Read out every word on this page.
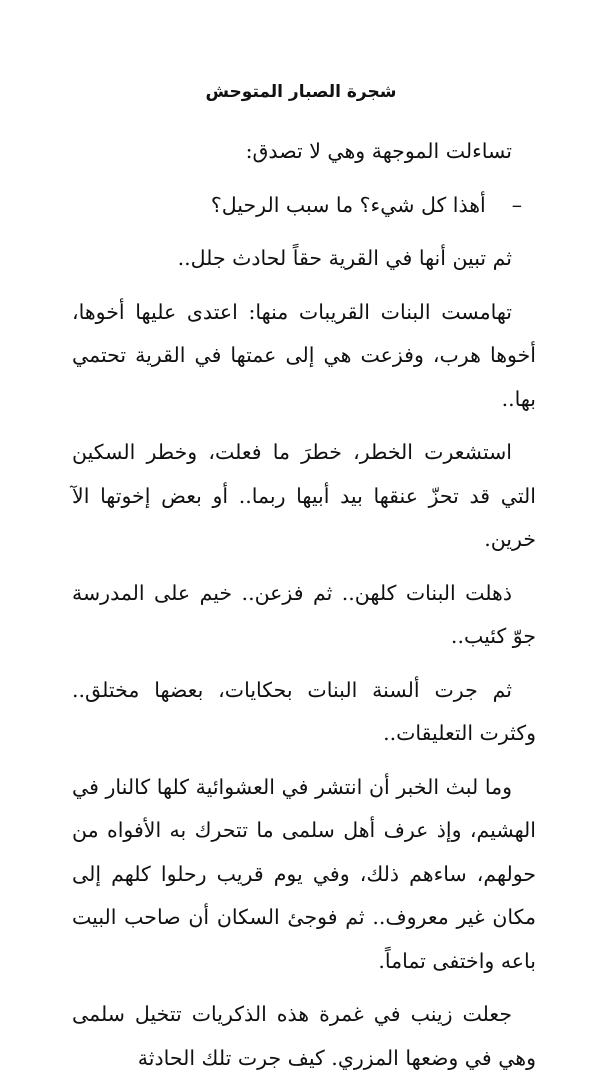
شجرة الصبار المتوحش

تساءلت الموجهة وهي لا تصدق:

–أهذا كل شيء؟ ما سبب الرحيل؟

ثم تبين أنها في القرية حقاً لحادث جلل..

تهامست البنات القريبات منها: اعتدى عليها أخوها، أخوها هرب، وفزعت هي إلى عمتها في القرية تحتمي بها..

استشعرت الخطر، خطرَ ما فعلت، وخطر السكين التي قد تحزّ عنقها بيد أبيها ربما.. أو بعض إخوتها الآ خرين.

ذهلت البنات كلهن.. ثم فزعن.. خيم على المدرسة جوّ كئيب..

ثم جرت ألسنة البنات بحكايات، بعضها مختلق.. وكثرت التعليقات..

وما لبث الخبر أن انتشر في العشوائية كلها كالنار في الهشيم، وإذ عرف أهل سلمى ما تتحرك به الأفواه من حولهم، ساءهم ذلك، وفي يوم قريب رحلوا كلهم إلى مكان غير معروف.. ثم فوجئ السكان أن صاحب البيت باعه واختفى تماماً.

جعلت زينب في غمرة هذه الذكريات تتخيل سلمى وهي في وضعها المزري. كيف جرت تلك الحادثة
